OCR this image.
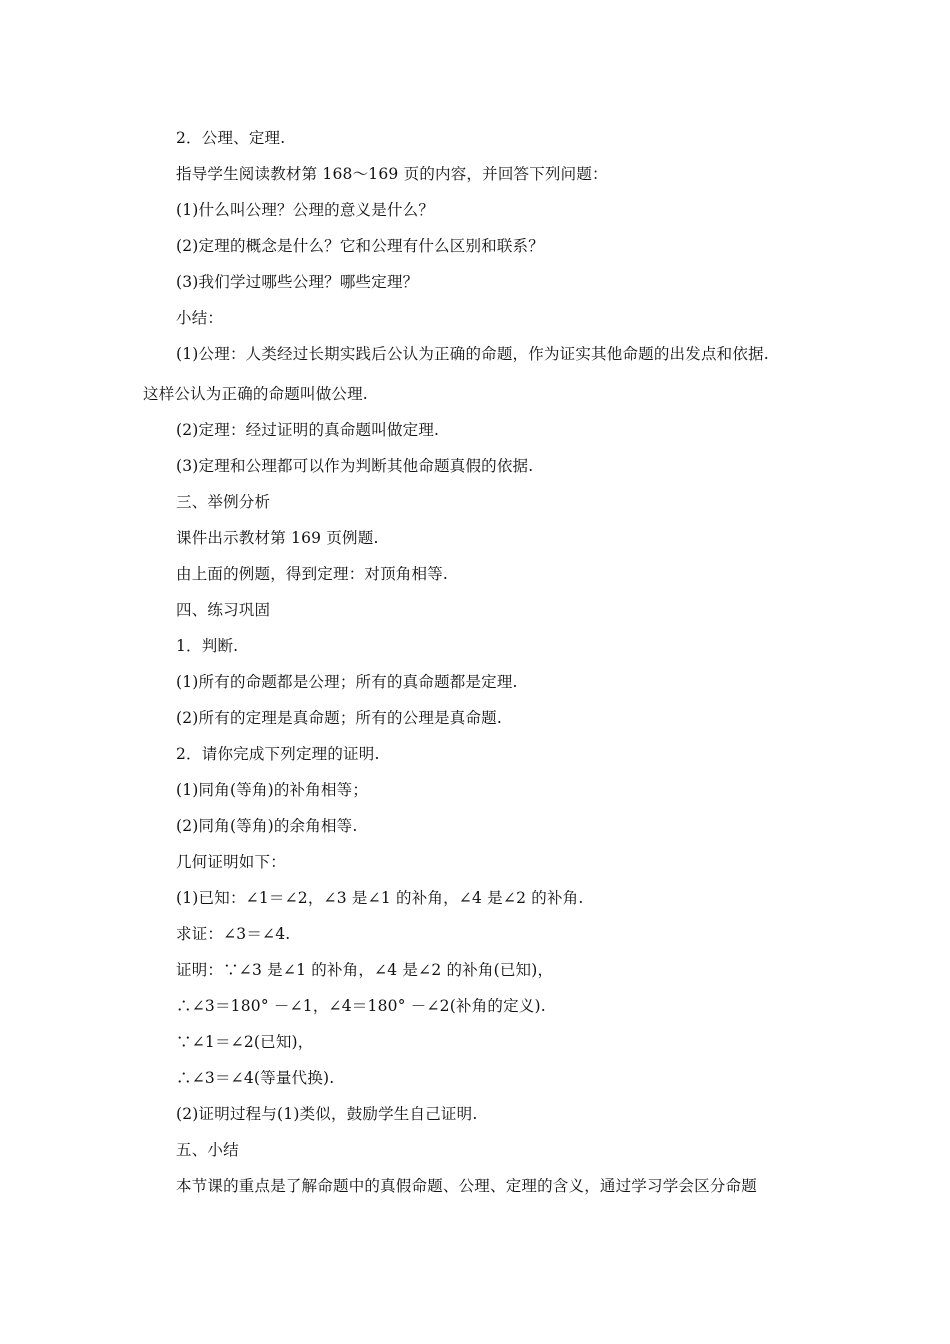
2．公理、定理.
指导学生阅读教材第 168～169 页的内容，并回答下列问题：
(1)什么叫公理？公理的意义是什么？
(2)定理的概念是什么？它和公理有什么区别和联系？
(3)我们学过哪些公理？哪些定理？
小结：
(1)公理：人类经过长期实践后公认为正确的命题，作为证实其他命题的出发点和依据.
这样公认为正确的命题叫做公理.
(2)定理：经过证明的真命题叫做定理.
(3)定理和公理都可以作为判断其他命题真假的依据.
三、举例分析
课件出示教材第 169 页例题.
由上面的例题，得到定理：对顶角相等.
四、练习巩固
1．判断.
(1)所有的命题都是公理；所有的真命题都是定理.
(2)所有的定理是真命题；所有的公理是真命题.
2．请你完成下列定理的证明.
(1)同角(等角)的补角相等；
(2)同角(等角)的余角相等.
几何证明如下：
(1)已知：∠1＝∠2，∠3 是∠1 的补角，∠4 是∠2 的补角.
求证：∠3＝∠4.
证明：∵∠3 是∠1 的补角，∠4 是∠2 的补角(已知)，
∴∠3＝180° －∠1，∠4＝180° －∠2(补角的定义).
∵∠1＝∠2(已知)，
∴∠3＝∠4(等量代换).
(2)证明过程与(1)类似，鼓励学生自己证明.
五、小结
本节课的重点是了解命题中的真假命题、公理、定理的含义，通过学习学会区分命题
